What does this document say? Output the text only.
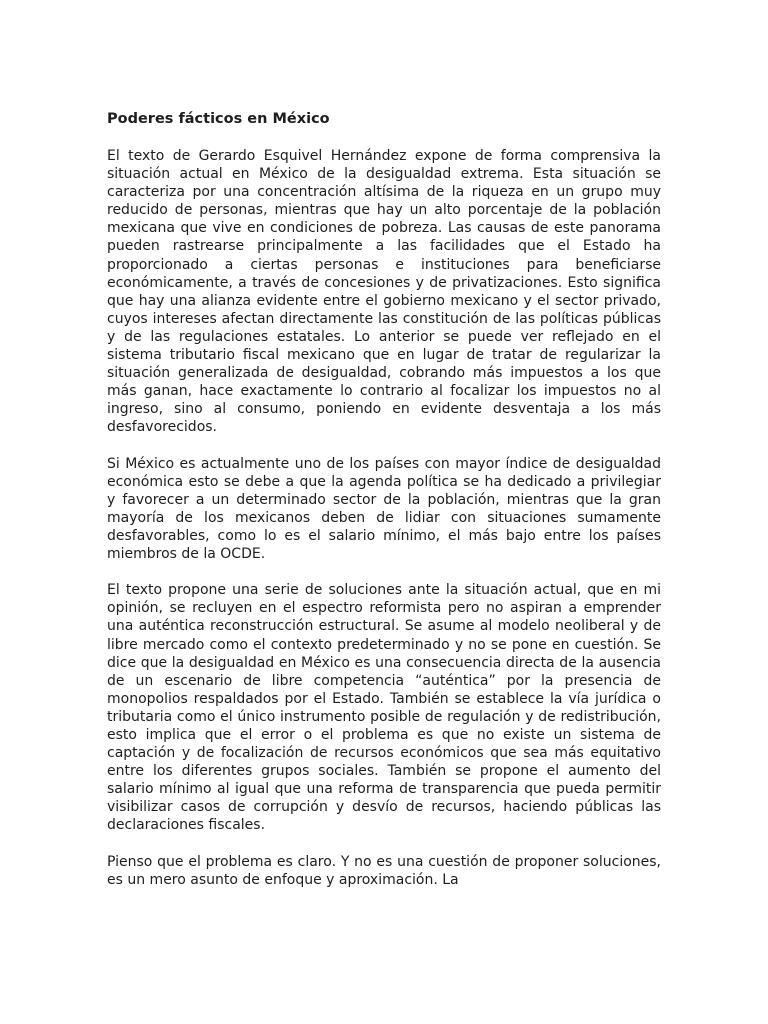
Poderes fácticos en México

El texto de Gerardo Esquivel Hernández expone de forma comprensiva la situación actual en México de la desigualdad extrema. Esta situación se caracteriza por una concentración altísima de la riqueza en un grupo muy reducido de personas, mientras que hay un alto porcentaje de la población mexicana que vive en condiciones de pobreza. Las causas de este panorama pueden rastrearse principalmente a las facilidades que el Estado ha proporcionado a ciertas personas e instituciones para beneficiarse económicamente, a través de concesiones y de privatizaciones. Esto significa que hay una alianza evidente entre el gobierno mexicano y el sector privado, cuyos intereses afectan directamente las constitución de las políticas públicas y de las regulaciones estatales. Lo anterior se puede ver reflejado en el sistema tributario fiscal mexicano que en lugar de tratar de regularizar la situación generalizada de desigualdad, cobrando más impuestos a los que más ganan, hace exactamente lo contrario al focalizar los impuestos no al ingreso, sino al consumo, poniendo en evidente desventaja a los más desfavorecidos.

Si México es actualmente uno de los países con mayor índice de desigualdad económica esto se debe a que la agenda política se ha dedicado a privilegiar y favorecer a un determinado sector de la población, mientras que la gran mayoría de los mexicanos deben de lidiar con situaciones sumamente desfavorables, como lo es el salario mínimo, el más bajo entre los países miembros de la OCDE.

El texto propone una serie de soluciones ante la situación actual, que en mi opinión, se recluyen en el espectro reformista pero no aspiran a emprender una auténtica reconstrucción estructural. Se asume al modelo neoliberal y de libre mercado como el contexto predeterminado y no se pone en cuestión. Se dice que la desigualdad en México es una consecuencia directa de la ausencia de un escenario de libre competencia “auténtica” por la presencia de monopolios respaldados por el Estado. También se establece la vía jurídica o tributaria como el único instrumento posible de regulación y de redistribución, esto implica que el error o el problema es que no existe un sistema de captación y de focalización de recursos económicos que sea más equitativo entre los diferentes grupos sociales. También se propone el aumento del salario mínimo al igual que una reforma de transparencia que pueda permitir visibilizar casos de corrupción y desvío de recursos, haciendo públicas las declaraciones fiscales.

Pienso que el problema es claro. Y no es una cuestión de proponer soluciones, es un mero asunto de enfoque y aproximación. La
